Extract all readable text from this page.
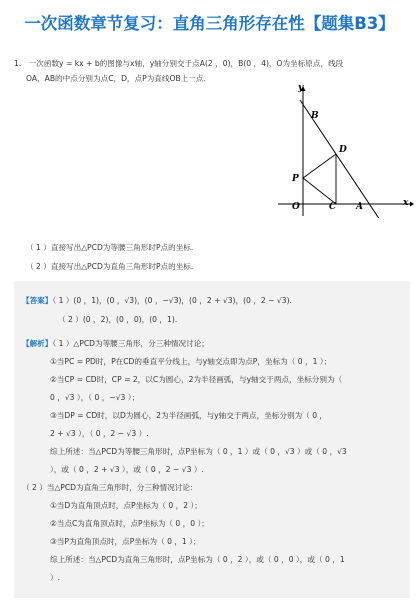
一次函数章节复习：直角三角形存在性【题集B3】
1. 一次函数y = kx + b的图像与x轴，y轴分别交于点A(2 ，0)，B(0 ，4)，O为坐标原点，线段
OA，AB的中点分别为点C，D，点P为直线OB上一点.
y
x
B
D
P
O	C A
（ 1 ）直接写出△PCD为等腰三角形时P点的坐标.
（ 2 ）直接写出△PCD为直角三角形时P点的坐标.
【答案】（ 1 ）(0 ，1)，(0 ，√3)，(0 ，−√3)，(0 ，2 + √3)，(0 ，2 − √3).
（ 2 ）(0 ，2)，(0 ，0)，(0 ，1).
【解析】（ 1 ）△PCD为等腰三角形，分三种情况讨论；
①当PC = PD时，P在CD的垂直平分线上，与y轴交点即为点P，坐标为（ 0 ，1 ）；
②当CP = CD时，CP = 2，以C为圆心，2为半径画弧，与y轴交于两点，坐标分别为（
0 ，√3 ），（ 0 ，−√3 ）；
③当DP = CD时，以D为圆心，2为半径画弧，与y轴交于两点，坐标分别为（ 0 ，
2 + √3 ），（ 0 ，2 − √3 ）.
综上所述：当△PCD为等腰三角形时，点P坐标为（ 0 ，1 ）或（ 0 ，√3 ）或（ 0 ，√3
），或（ 0 ，2 + √3 ），或（ 0 ，2 − √3 ）.
（ 2 ）当△PCD为直角三角形时，分三种情况讨论：
①当D为直角顶点时，点P坐标为（ 0 ，2 ）；
②当点C为直角顶点时，点P坐标为（ 0 ，0 ）；
③当P为直角顶点时，点P坐标为（ 0 ，1 ）；
综上所述：当△PCD为直角三角形时，点P坐标为（ 0 ，2 ），或（ 0 ，0 ），或（ 0 ，1
）.
